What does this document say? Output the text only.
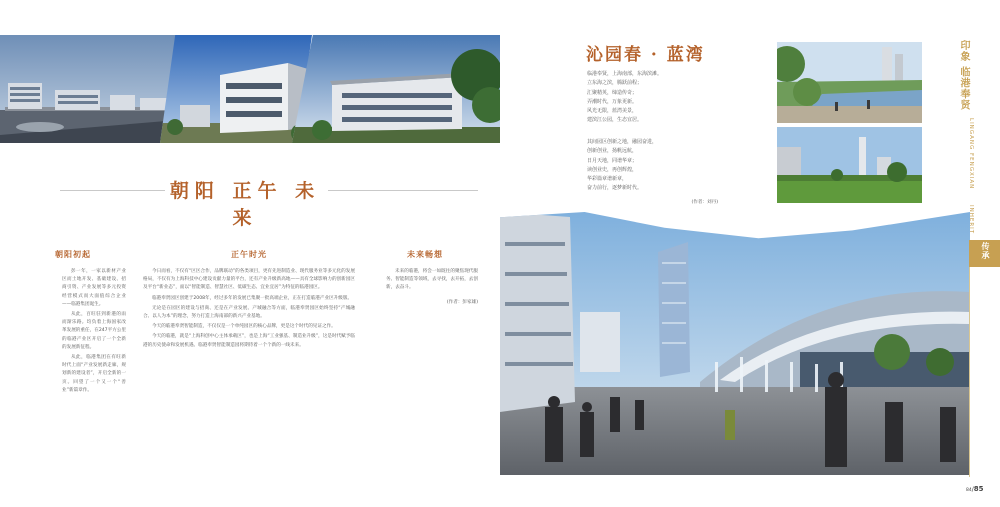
朝阳 正午 未来
朝阳初起

彭一年，一家以新材产业区而土地开发、基础建设、招商引资、产业发展等多元投资经营模式而大面值综合企业——临港集团诞生。

从此，百旺驻到新港的雨而渐乐路。均负着上海国家改革发展的重任，在247平方公里的临港产业区开启了一个全新的发展新征程。

从此，临港集团在有旺新时代上面“产业发展新走廊，规划新的建设者”，开启全新的一页。回望了一个又一个“善业”新篇章作。

正午时光

今日而看，不仅有“区区合作，品牌联动”的各类项目，更有先进制造业、现代服务业等多元化的发展格局，不仅有为上海科技中心建设贡献力量的平台，还有产业升级新高地——具有全球影响力的创新园区及平台“新业态”，面以“智能制造、智慧社区、低碳生态、宜业宜居”为特征的临港园区。

临港奉贤园区创建于2008年，经过多年的发展已集聚一批高端企业，正在打造临港产业区升级版。

无论是在园区的建设与招商、还是在产业发展、产城融合等方面，临港奉贤园区始终坚持“产城融合、以人为本”的理念，努力打造上海南部的新兴产业基地。

今天的临港奉贤智能制造，不仅仅是一个单纯园区的核心品牌，更是这个时代的见证之作。

今天的临港，就是“上海科创中心主体承载区”，也是上海“工业强基、制造业升级”，这是时代赋予临港的历史使命和发展机遇。临港奉贤智能制造园将期待着一个个新的一线未来。

未来畅想

未来的临港，将会一如既往的聚焦现代服务、智能制造等领域，去寻找，去开拓，去创新，去奋斗。

(作者：彭家雄)
沁园春 · 蓝湾

临港奉贤，上海南部，东海滨滩。

立东海之滨，腾跃前程；

汇聚精英，缔造传奇；

弄潮时代，万象更新。

风光无限，蓝湾美景，

建滨江公园，生态宜居。

其间园区创新之地，融园奋进，

创新创业，扬帆远航，

日月天地，同谱华章；

读创业史，再创辉煌，

华彩篇章谱新章，

奋力前行，逐梦新时代。

(作者：刘丹)
印象 临港奉贤
LINGANG FENGXIAN
INHERIT
传承
84/85
